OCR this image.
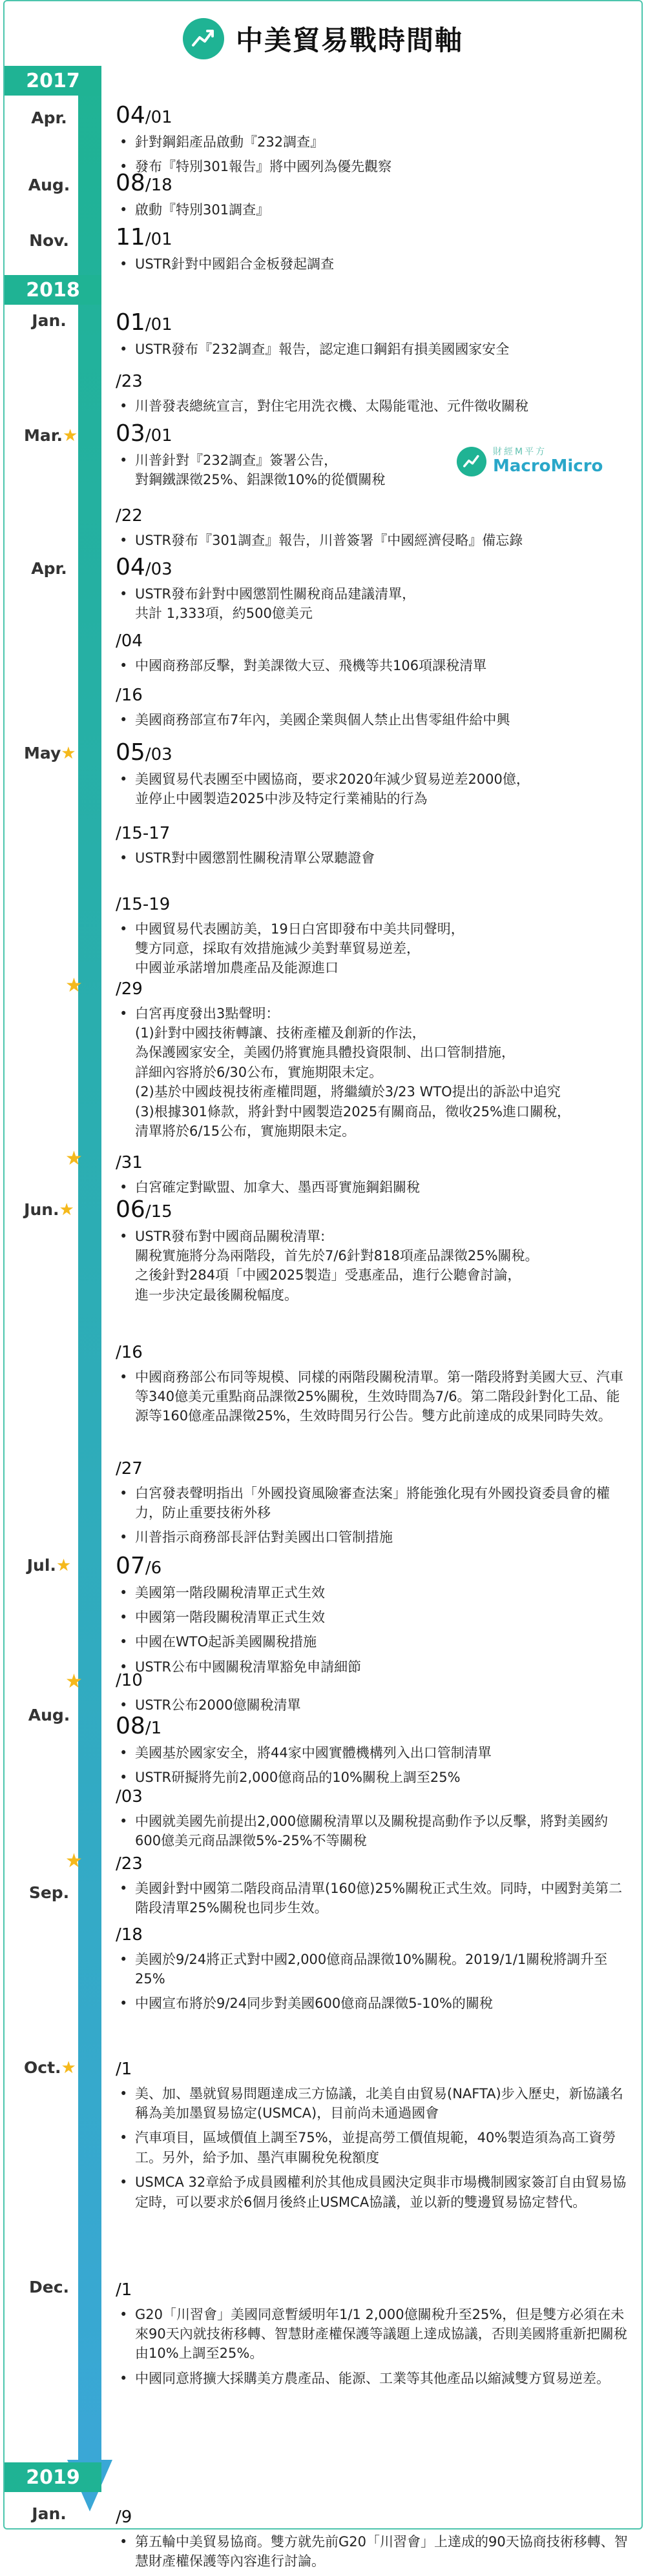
中美貿易戰時間軸
財經M平方
MacroMicro
2017
2018
2019
Apr.
Aug.
Nov.
Jan.
Mar.★
Apr.
May★
Jun.★
Jul.★
Aug.
Sep.
Oct.★
Dec.
Jan.
★
★
★
★
04/01
• 針對鋼鋁產品啟動『232調查』
• 發布『特別301報告』將中國列為優先觀察
08/18
• 啟動『特別301調查』
11/01
• USTR針對中國鋁合金板發起調查
01/01
• USTR發布『232調查』報告，認定進口鋼鋁有損美國國家安全
/23
• 川普發表總統宣言，對住宅用洗衣機、太陽能電池、元件徵收關稅
03/01
• 川普針對『232調查』簽署公告，
對鋼鐵課徵25%、鋁課徵10%的從價關稅
/22
• USTR發布『301調查』報告，川普簽署『中國經濟侵略』備忘錄
04/03
• USTR發布針對中國懲罰性關稅商品建議清單，
共計 1,333項，約500億美元
/04
• 中國商務部反擊，對美課徵大豆、飛機等共106項課稅清單
/16
• 美國商務部宣布7年內，美國企業與個人禁止出售零組件給中興
05/03
• 美國貿易代表團至中國協商，要求2020年減少貿易逆差2000億，
並停止中國製造2025中涉及特定行業補貼的行為
/15-17
• USTR對中國懲罰性關稅清單公眾聽證會
/15-19
• 中國貿易代表團訪美，19日白宮即發布中美共同聲明，
雙方同意，採取有效措施減少美對華貿易逆差，
中國並承諾增加農產品及能源進口
/29
• 白宮再度發出3點聲明：
(1)針對中國技術轉讓、技術產權及創新的作法，
為保護國家安全，美國仍將實施具體投資限制、出口管制措施，
詳細內容將於6/30公布，實施期限未定。
(2)基於中國歧視技術產權問題，將繼續於3/23 WTO提出的訴訟中追究
(3)根據301條款，將針對中國製造2025有關商品，徵收25%進口關稅，
清單將於6/15公布，實施期限未定。
/31
• 白宮確定對歐盟、加拿大、墨西哥實施鋼鋁關稅
06/15
• USTR發布對中國商品關稅清單:
關稅實施將分為兩階段，首先於7/6針對818項產品課徵25%關稅。
之後針對284項「中國2025製造」受惠產品，進行公聽會討論，
進一步決定最後關稅幅度。
/16
• 中國商務部公布同等規模、同樣的兩階段關稅清單。第一階段將對美國大豆、汽車等340億美元重點商品課徵25%關稅，生效時間為7/6。第二階段針對化工品、能源等160億產品課徵25%，生效時間另行公告。雙方此前達成的成果同時失效。
/27
• 白宮發表聲明指出「外國投資風險審查法案」將能強化現有外國投資委員會的權力，防止重要技術外移
• 川普指示商務部長評估對美國出口管制措施
07/6
• 美國第一階段關稅清單正式生效
• 中國第一階段關稅清單正式生效
• 中國在WTO起訴美國關稅措施
• USTR公布中國關稅清單豁免申請細節
/10
• USTR公布2000億關稅清單
08/1
• 美國基於國家安全，將44家中國實體機構列入出口管制清單
• USTR研擬將先前2,000億商品的10%關稅上調至25%
/03
• 中國就美國先前提出2,000億關稅清單以及關稅提高動作予以反擊，將對美國約600億美元商品課徵5%-25%不等關稅
/23
• 美國針對中國第二階段商品清單(160億)25%關稅正式生效。同時，中國對美第二階段清單25%關稅也同步生效。
/18
• 美國於9/24將正式對中國2,000億商品課徵10%關稅。2019/1/1關稅將調升至25%
• 中國宣布將於9/24同步對美國600億商品課徵5-10%的關稅
/1
• 美、加、墨就貿易問題達成三方協議，北美自由貿易(NAFTA)步入歷史，新協議名稱為美加墨貿易協定(USMCA)，目前尚未通過國會
• 汽車項目，區域價值上調至75%，並提高勞工價值規範，40%製造須為高工資勞工。另外，給予加、墨汽車關稅免稅額度
• USMCA 32章給予成員國權利於其他成員國決定與非市場機制國家簽訂自由貿易協定時，可以要求於6個月後終止USMCA協議，並以新的雙邊貿易協定替代。
/1
• G20「川習會」美國同意暫緩明年1/1 2,000億關稅升至25%，但是雙方必須在未來90天內就技術移轉、智慧財產權保護等議題上達成協議，否則美國將重新把關稅由10%上調至25%。
• 中國同意將擴大採購美方農產品、能源、工業等其他產品以縮減雙方貿易逆差。
/9
• 第五輪中美貿易協商。雙方就先前G20「川習會」上達成的90天協商技術移轉、智慧財產權保護等內容進行討論。
